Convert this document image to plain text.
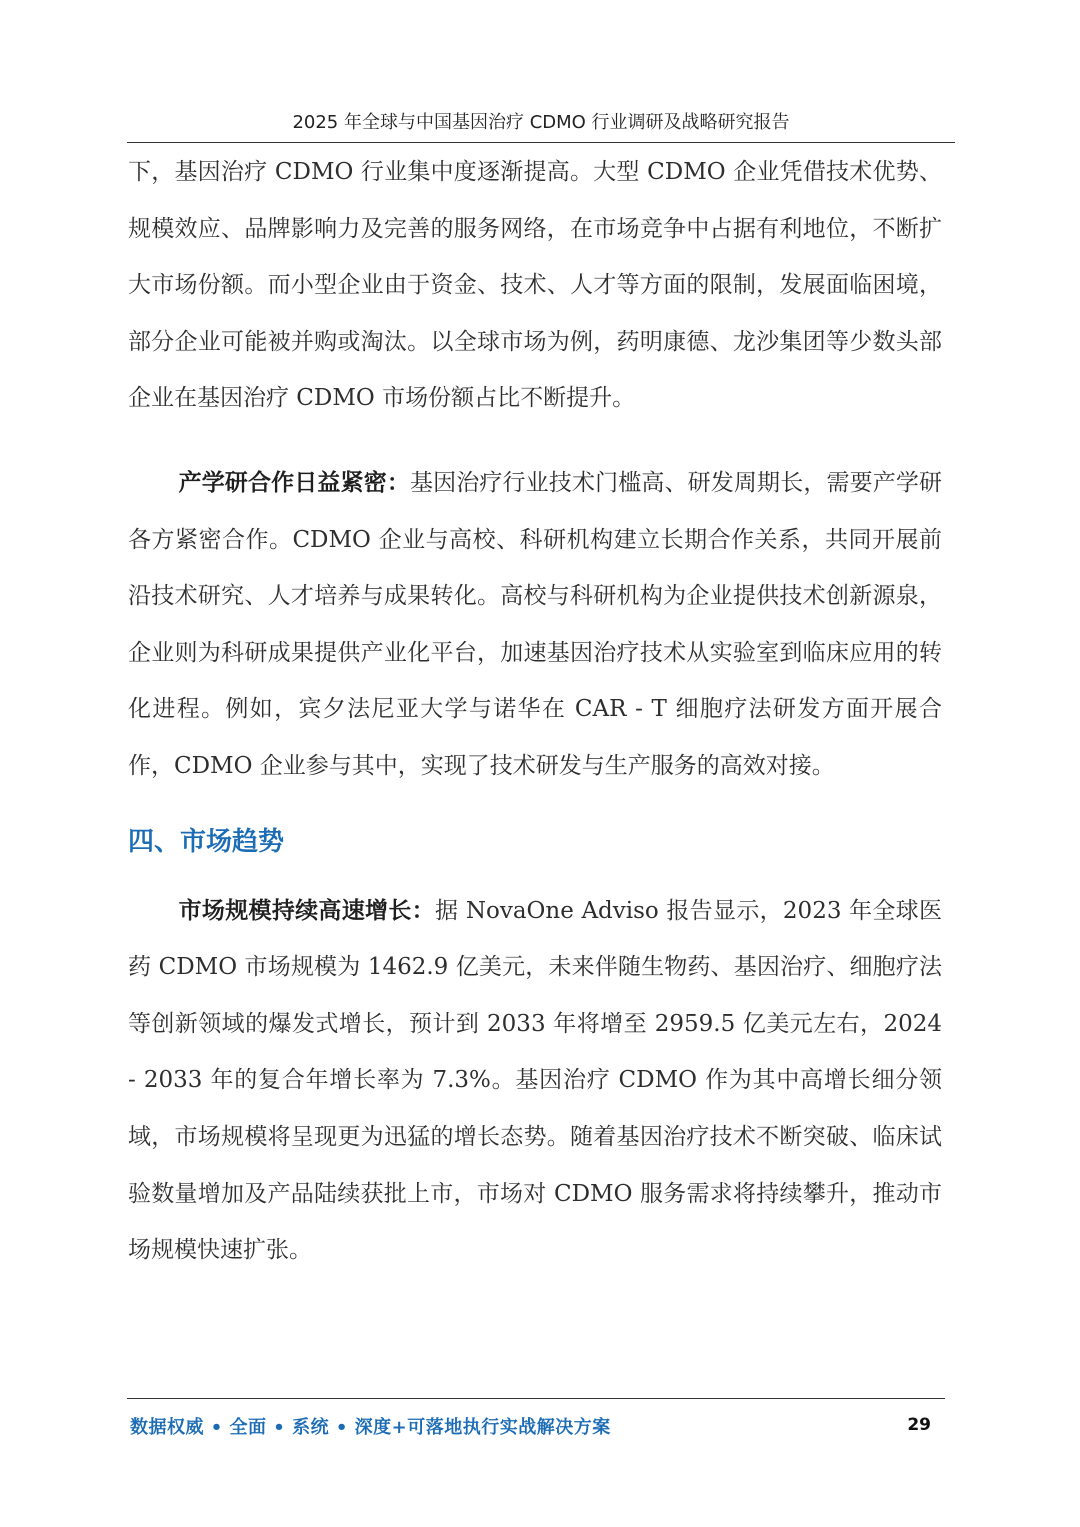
2025 年全球与中国基因治疗 CDMO 行业调研及战略研究报告

下，基因治疗 CDMO 行业集中度逐渐提高。大型 CDMO 企业凭借技术优势、规模效应、品牌影响力及完善的服务网络，在市场竞争中占据有利地位，不断扩大市场份额。而小型企业由于资金、技术、人才等方面的限制，发展面临困境，部分企业可能被并购或淘汰。以全球市场为例，药明康德、龙沙集团等少数头部企业在基因治疗 CDMO 市场份额占比不断提升。

产学研合作日益紧密：基因治疗行业技术门槛高、研发周期长，需要产学研各方紧密合作。CDMO 企业与高校、科研机构建立长期合作关系，共同开展前沿技术研究、人才培养与成果转化。高校与科研机构为企业提供技术创新源泉，企业则为科研成果提供产业化平台，加速基因治疗技术从实验室到临床应用的转化进程。例如，宾夕法尼亚大学与诺华在 CAR - T 细胞疗法研发方面开展合作，CDMO 企业参与其中，实现了技术研发与生产服务的高效对接。

四、市场趋势

市场规模持续高速增长：据 NovaOne Adviso 报告显示，2023 年全球医药 CDMO 市场规模为 1462.9 亿美元，未来伴随生物药、基因治疗、细胞疗法等创新领域的爆发式增长，预计到 2033 年将增至 2959.5 亿美元左右，2024 - 2033 年的复合年增长率为 7.3%。基因治疗 CDMO 作为其中高增长细分领域，市场规模将呈现更为迅猛的增长态势。随着基因治疗技术不断突破、临床试验数量增加及产品陆续获批上市，市场对 CDMO 服务需求将持续攀升，推动市场规模快速扩张。

数据权威 • 全面 • 系统 • 深度+可落地执行实战解决方案	29
